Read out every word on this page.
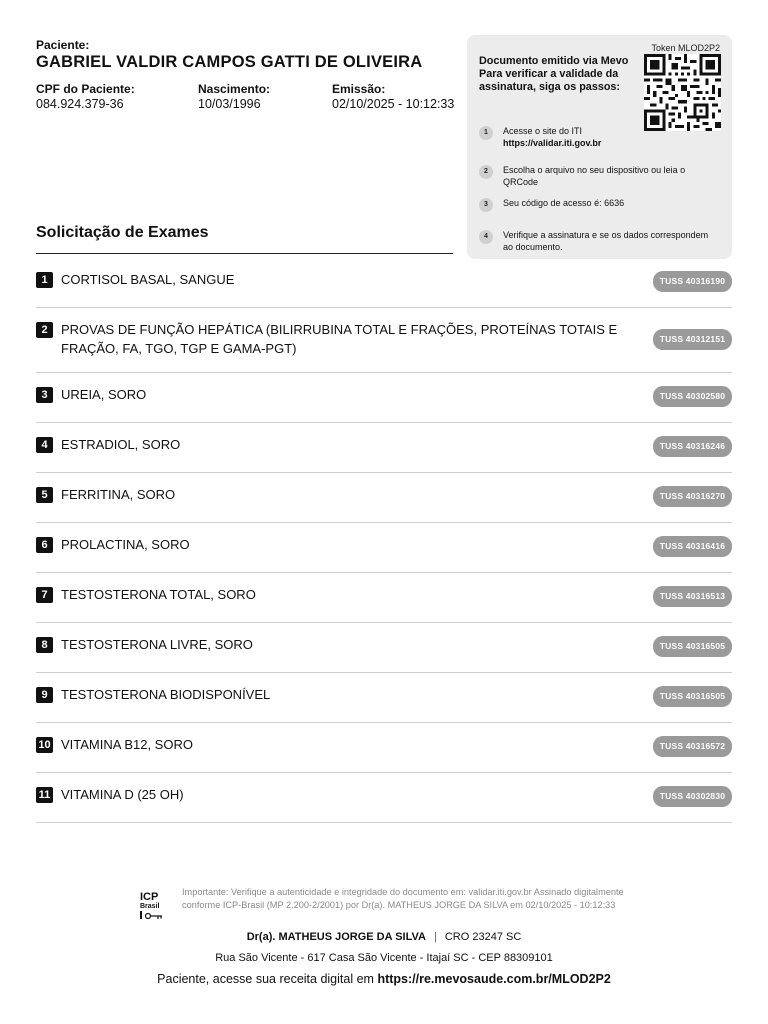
Paciente:
GABRIEL VALDIR CAMPOS GATTI DE OLIVEIRA
CPF do Paciente:
084.924.379-36
Nascimento:
10/03/1996
Emissão:
02/10/2025 - 10:12:33
Solicitação de Exames
Documento emitido via Mevo Para verificar a validade da assinatura, siga os passos:
Token MLOD2P2
1	Acesse o site do ITI
https://validar.iti.gov.br
2	Escolha o arquivo no seu dispositivo ou leia o QRCode
3	Seu código de acesso é: 6636
4	Verifique a assinatura e se os dados correspondem ao documento.
1	CORTISOL BASAL, SANGUE	TUSS 40316190
2	PROVAS DE FUNÇÃO HEPÁTICA (BILIRRUBINA TOTAL E FRAÇÕES, PROTEÍNAS TOTAIS E FRAÇÃO, FA, TGO, TGP E GAMA-PGT)
TUSS 40312151
3	UREIA, SORO	TUSS 40302580
4	ESTRADIOL, SORO	TUSS 40316246
5	FERRITINA, SORO	TUSS 40316270
6	PROLACTINA, SORO	TUSS 40316416
7	TESTOSTERONA TOTAL, SORO	TUSS 40316513
8	TESTOSTERONA LIVRE, SORO	TUSS 40316505
9	TESTOSTERONA BIODISPONÍVEL	TUSS 40316505
10 VITAMINA B12, SORO	TUSS 40316572
11 VITAMINA D (25 OH)	TUSS 40302830
ICP
Brasil
Importante: Verifique a autenticidade e integridade do documento em: validar.iti.gov.br Assinado digitalmente conforme ICP-Brasil (MP 2.200-2/2001) por Dr(a). MATHEUS JORGE DA SILVA em 02/10/2025 - 10:12:33
Dr(a). MATHEUS JORGE DA SILVA | CRO 23247 SC
Rua São Vicente - 617 Casa São Vicente - Itajaí SC - CEP 88309101
Paciente, acesse sua receita digital em https://re.mevosaude.com.br/MLOD2P2
